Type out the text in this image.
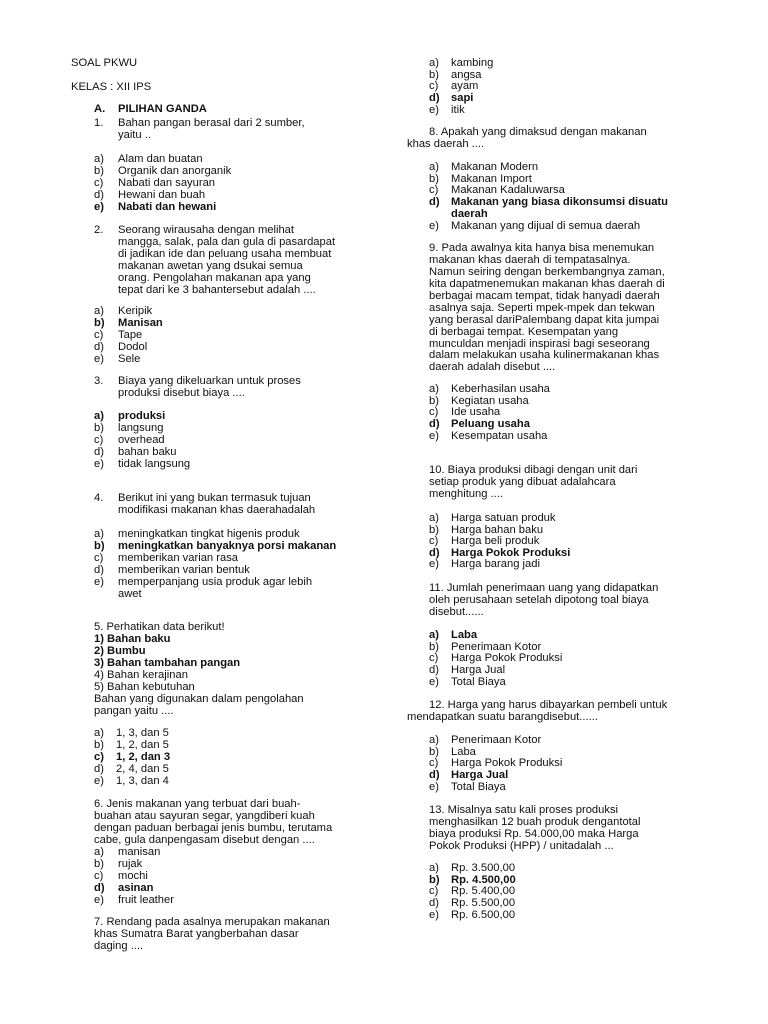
SOAL PKWU
KELAS : XII IPS
A. PILIHAN GANDA
1. Bahan pangan berasal dari 2 sumber,
yaitu ..
a) Alam dan buatan
b) Organik dan anorganik
c) Nabati dan sayuran
d) Hewani dan buah
e) Nabati dan hewani
2. Seorang wirausaha dengan melihat
mangga, salak, pala dan gula di pasardapat
di jadikan ide dan peluang usaha membuat
makanan awetan yang dsukai semua
orang. Pengolahan makanan apa yang
tepat dari ke 3 bahantersebut adalah ....
a) Keripik
b) Manisan
c) Tape
d) Dodol
e) Sele
3. Biaya yang dikeluarkan untuk proses
produksi disebut biaya ....
a) produksi
b) langsung
c) overhead
d) bahan baku
e) tidak langsung
4. Berikut ini yang bukan termasuk tujuan
modifikasi makanan khas daerahadalah
a) meningkatkan tingkat higenis produk
b) meningkatkan banyaknya porsi makanan
c) memberikan varian rasa
d) memberikan varian bentuk
e) memperpanjang usia produk agar lebih
awet
5. Perhatikan data berikut!
1) Bahan baku
2) Bumbu
3) Bahan tambahan pangan
4) Bahan kerajinan
5) Bahan kebutuhan
Bahan yang digunakan dalam pengolahan
pangan yaitu ....
a) 1, 3, dan 5
b) 1, 2, dan 5
c) 1, 2, dan 3
d) 2, 4, dan 5
e) 1, 3, dan 4
6. Jenis makanan yang terbuat dari buah-
buahan atau sayuran segar, yangdiberi kuah
dengan paduan berbagai jenis bumbu, terutama
cabe, gula danpengasam disebut dengan ....
a) manisan
b) rujak
c) mochi
d) asinan
e) fruit leather
7. Rendang pada asalnya merupakan makanan
khas Sumatra Barat yangberbahan dasar
daging ....
a) kambing
b) angsa
c) ayam
d) sapi
e) itik
8. Apakah yang dimaksud dengan makanan
khas daerah ....
a) Makanan Modern
b) Makanan Import
c) Makanan Kadaluwarsa
d) Makanan yang biasa dikonsumsi disuatu
daerah
e) Makanan yang dijual di semua daerah
9. Pada awalnya kita hanya bisa menemukan
makanan khas daerah di tempatasalnya.
Namun seiring dengan berkembangnya zaman,
kita dapatmenemukan makanan khas daerah di
berbagai macam tempat, tidak hanyadi daerah
asalnya saja. Seperti mpek-mpek dan tekwan
yang berasal dariPalembang dapat kita jumpai
di berbagai tempat. Kesempatan yang
munculdan menjadi inspirasi bagi seseorang
dalam melakukan usaha kulinermakanan khas
daerah adalah disebut ....
a) Keberhasilan usaha
b) Kegiatan usaha
c) Ide usaha
d) Peluang usaha
e) Kesempatan usaha
10. Biaya produksi dibagi dengan unit dari
setiap produk yang dibuat adalahcara
menghitung ....
a) Harga satuan produk
b) Harga bahan baku
c) Harga beli produk
d) Harga Pokok Produksi
e) Harga barang jadi
11. Jumlah penerimaan uang yang didapatkan
oleh perusahaan setelah dipotong toal biaya
disebut......
a) Laba
b) Penerimaan Kotor
c) Harga Pokok Produksi
d) Harga Jual
e) Total Biaya
12. Harga yang harus dibayarkan pembeli untuk
mendapatkan suatu barangdisebut......
a) Penerimaan Kotor
b) Laba
c) Harga Pokok Produksi
d) Harga Jual
e) Total Biaya
13. Misalnya satu kali proses produksi
menghasilkan 12 buah produk dengantotal
biaya produksi Rp. 54.000,00 maka Harga
Pokok Produksi (HPP) / unitadalah ...
a) Rp. 3.500,00
b) Rp. 4.500,00
c) Rp. 5.400,00
d) Rp. 5.500,00
e) Rp. 6.500,00
